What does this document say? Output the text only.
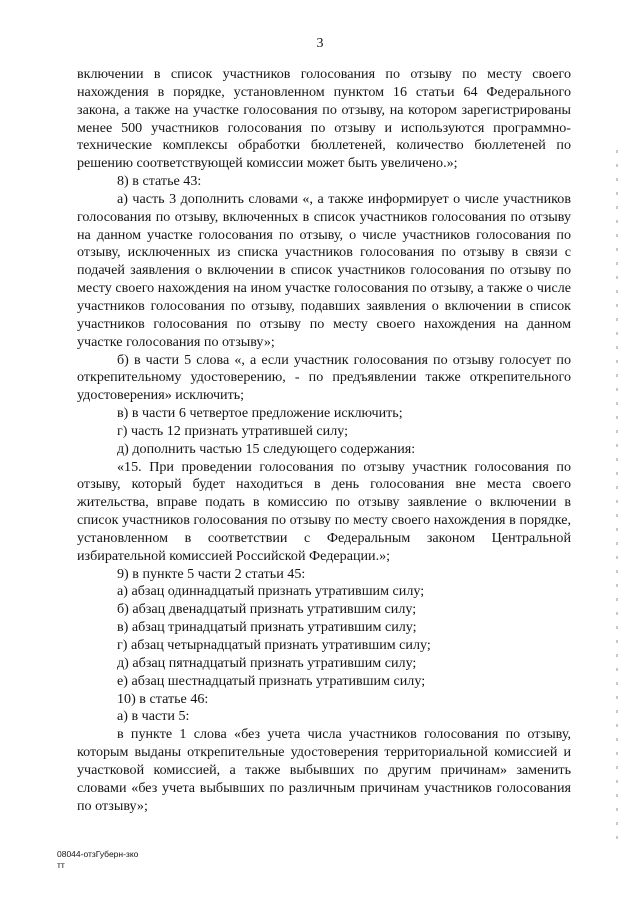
3

включении в список участников голосования по отзыву по месту своего нахождения в порядке, установленном пунктом 16 статьи 64 Федерального закона, а также на участке голосования по отзыву, на котором зарегистрированы менее 500 участников голосования по отзыву и используются программно-технические комплексы обработки бюллетеней, количество бюллетеней по решению соответствующей комиссии может быть увеличено.»;

8) в статье 43:

а) часть 3 дополнить словами «, а также информирует о числе участников голосования по отзыву, включенных в список участников голосования по отзыву на данном участке голосования по отзыву, о числе участников голосования по отзыву, исключенных из списка участников голосования по отзыву в связи с подачей заявления о включении в список участников голосования по отзыву по месту своего нахождения на ином участке голосования по отзыву, а также о числе участников голосования по отзыву, подавших заявления о включении в список участников голосования по отзыву по месту своего нахождения на данном участке голосования по отзыву»;

б) в части 5 слова «, а если участник голосования по отзыву голосует по открепительному удостоверению, - по предъявлении также открепительного удостоверения» исключить;

в) в части 6 четвертое предложение исключить;

г) часть 12 признать утратившей силу;

д) дополнить частью 15 следующего содержания:

«15. При проведении голосования по отзыву участник голосования по отзыву, который будет находиться в день голосования вне места своего жительства, вправе подать в комиссию по отзыву заявление о включении в список участников голосования по отзыву по месту своего нахождения в порядке, установленном в соответствии с Федеральным законом Центральной избирательной комиссией Российской Федерации.»;

9) в пункте 5 части 2 статьи 45:

а) абзац одиннадцатый признать утратившим силу;

б) абзац двенадцатый признать утратившим силу;

в) абзац тринадцатый признать утратившим силу;

г) абзац четырнадцатый признать утратившим силу;

д) абзац пятнадцатый признать утратившим силу;

е) абзац шестнадцатый признать утратившим силу;

10) в статье 46:

а) в части 5:

в пункте 1 слова «без учета числа участников голосования по отзыву, которым выданы открепительные удостоверения территориальной комиссией и участковой комиссией, а также выбывших по другим причинам» заменить словами «без учета выбывших по различным причинам участников голосования по отзыву»;

08044-отзГуберн-зко
тт
